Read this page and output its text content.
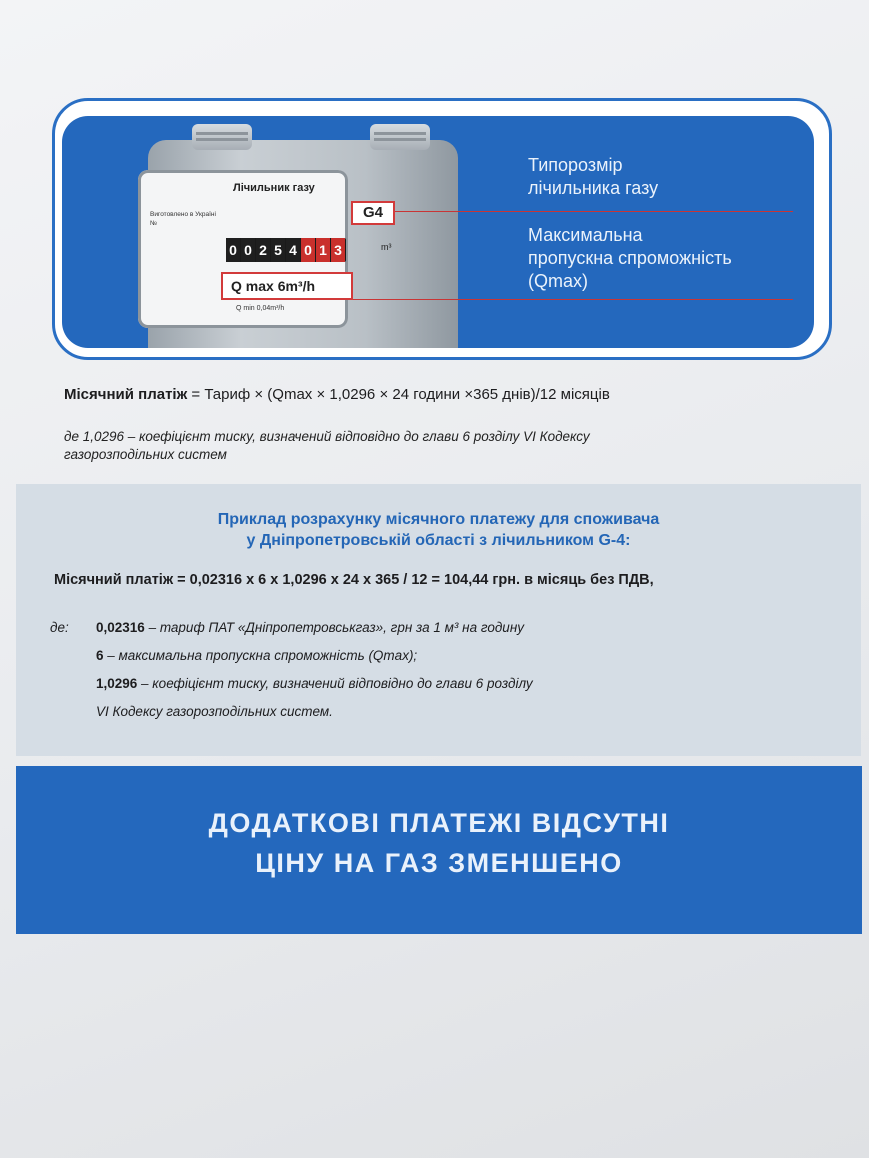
Лічильник газу
Виготовлено в Україні
№
G4
0 0 2 5 4 0 1 3	m³
Q max 6m³/h
Q min 0,04m³/h
Типорозмір
лічильника газу
Максимальна
пропускна спроможність
(Qmax)
Місячний платіж = Тариф × (Qmax × 1,0296 × 24 години ×365 днів)/12 місяців
де 1,0296 – коефіцієнт тиску, визначений відповідно до глави 6 розділу VI Кодексу
газорозподільних систем
Приклад розрахунку місячного платежу для споживача
у Дніпропетровській області з лічильником G-4:
Місячний платіж = 0,02316 х 6 х 1,0296 х 24 х 365 / 12 = 104,44 грн. в місяць без ПДВ,
де: 0,02316 – тариф ПАТ «Дніпропетровськгаз», грн за 1 м³ на годину
6 – максимальна пропускна спроможність (Qmax);
1,0296 – коефіцієнт тиску, визначений відповідно до глави 6 розділу
VI Кодексу газорозподільних систем.
ДОДАТКОВІ ПЛАТЕЖІ ВІДСУТНІ
ЦІНУ НА ГАЗ ЗМЕНШЕНО
